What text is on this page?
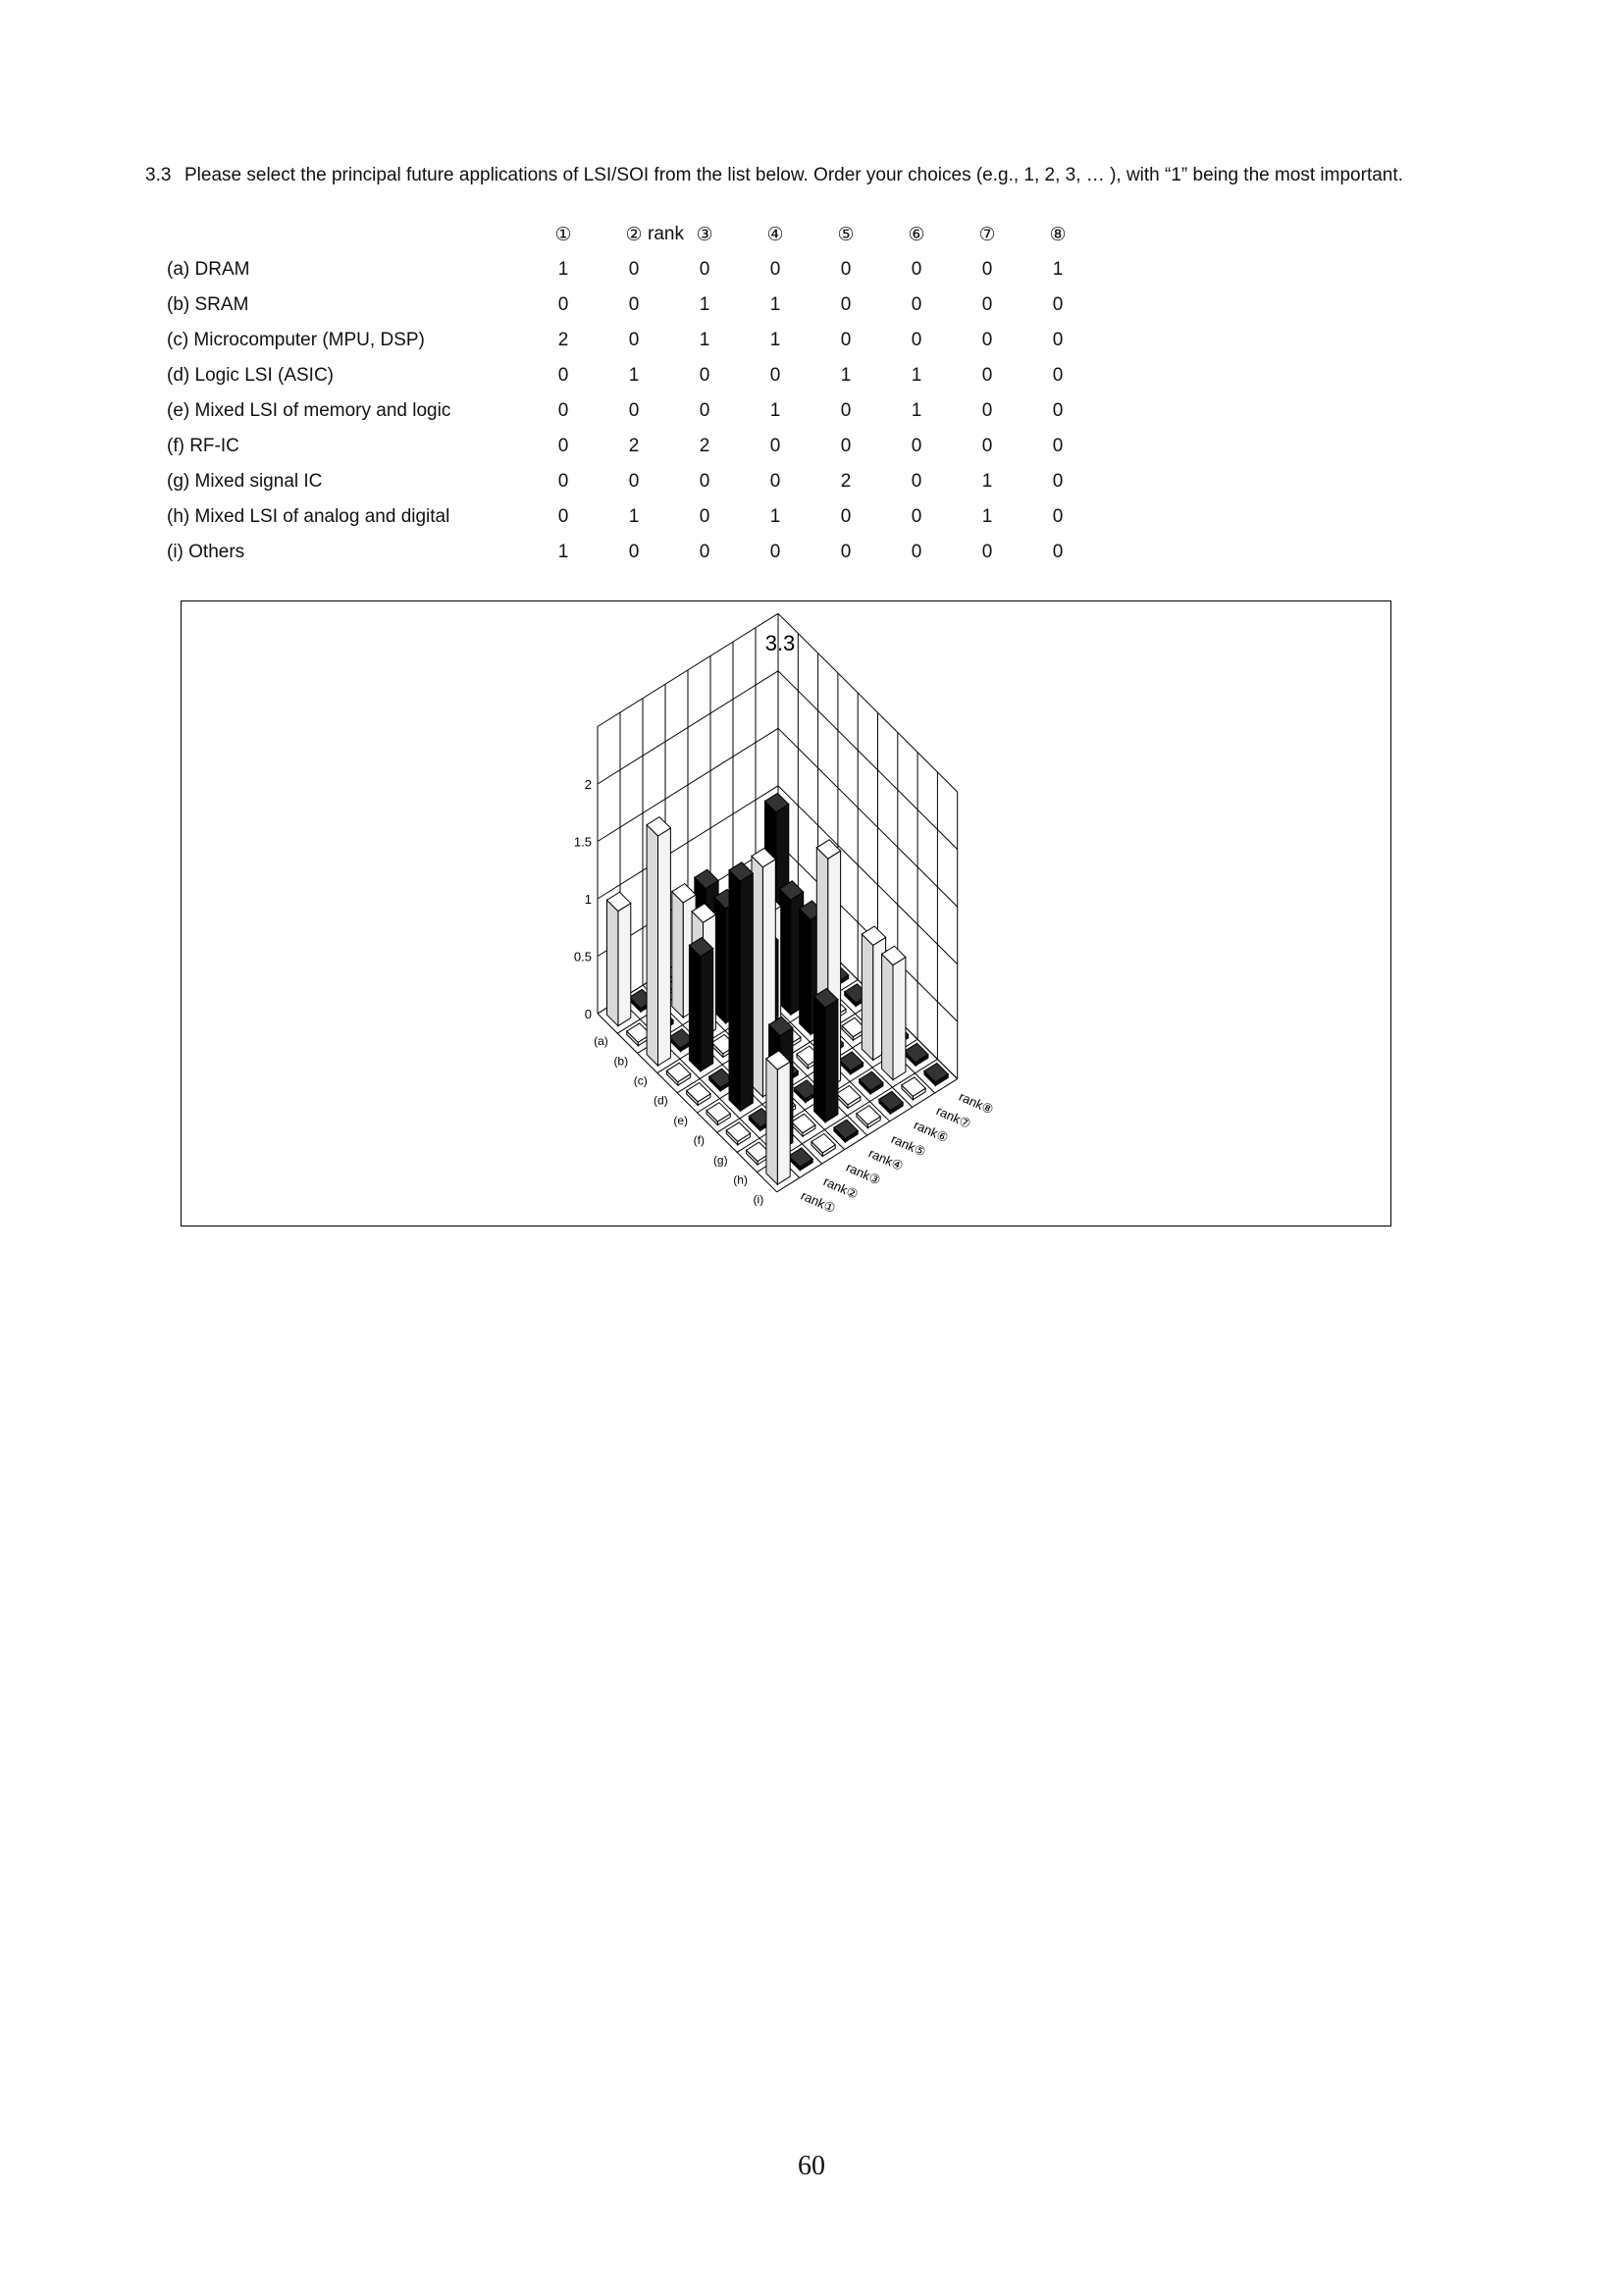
3.3 Please select the principal future applications of LSI/SOI from the list below. Order your choices (e.g., 1, 2, 3, … ), with “1” being the most important.
rank
①	②	③	④	⑤	⑥	⑦	⑧
(a) DRAM	1	0	0	0	0	0	0	1
(b) SRAM	0	0	1	1	0	0	0	0
(c) Microcomputer (MPU, DSP)	2	0	1	1	0	0	0	0
(d) Logic LSI (ASIC)	0	1	0	0	1	1	0	0
(e) Mixed LSI of memory and logic	0	0	0	1	0	1	0	0
(f) RF-IC	0	2	2	0	0	0	0	0
(g) Mixed signal IC	0	0	0	0	2	0	1	0
(h) Mixed LSI of analog and digital	0	1	0	1	0	0	1	0
(i) Others	1	0	0	0	0	0	0	0
3.3
0
0.5
1
1.5
2
(a)
(b)
(c)
(d)
(e)
(f)
(g)
(h)
(i)	rank①
rank②
rank③
rank④
rank⑤
rank⑥
rank⑦
rank⑧
60
